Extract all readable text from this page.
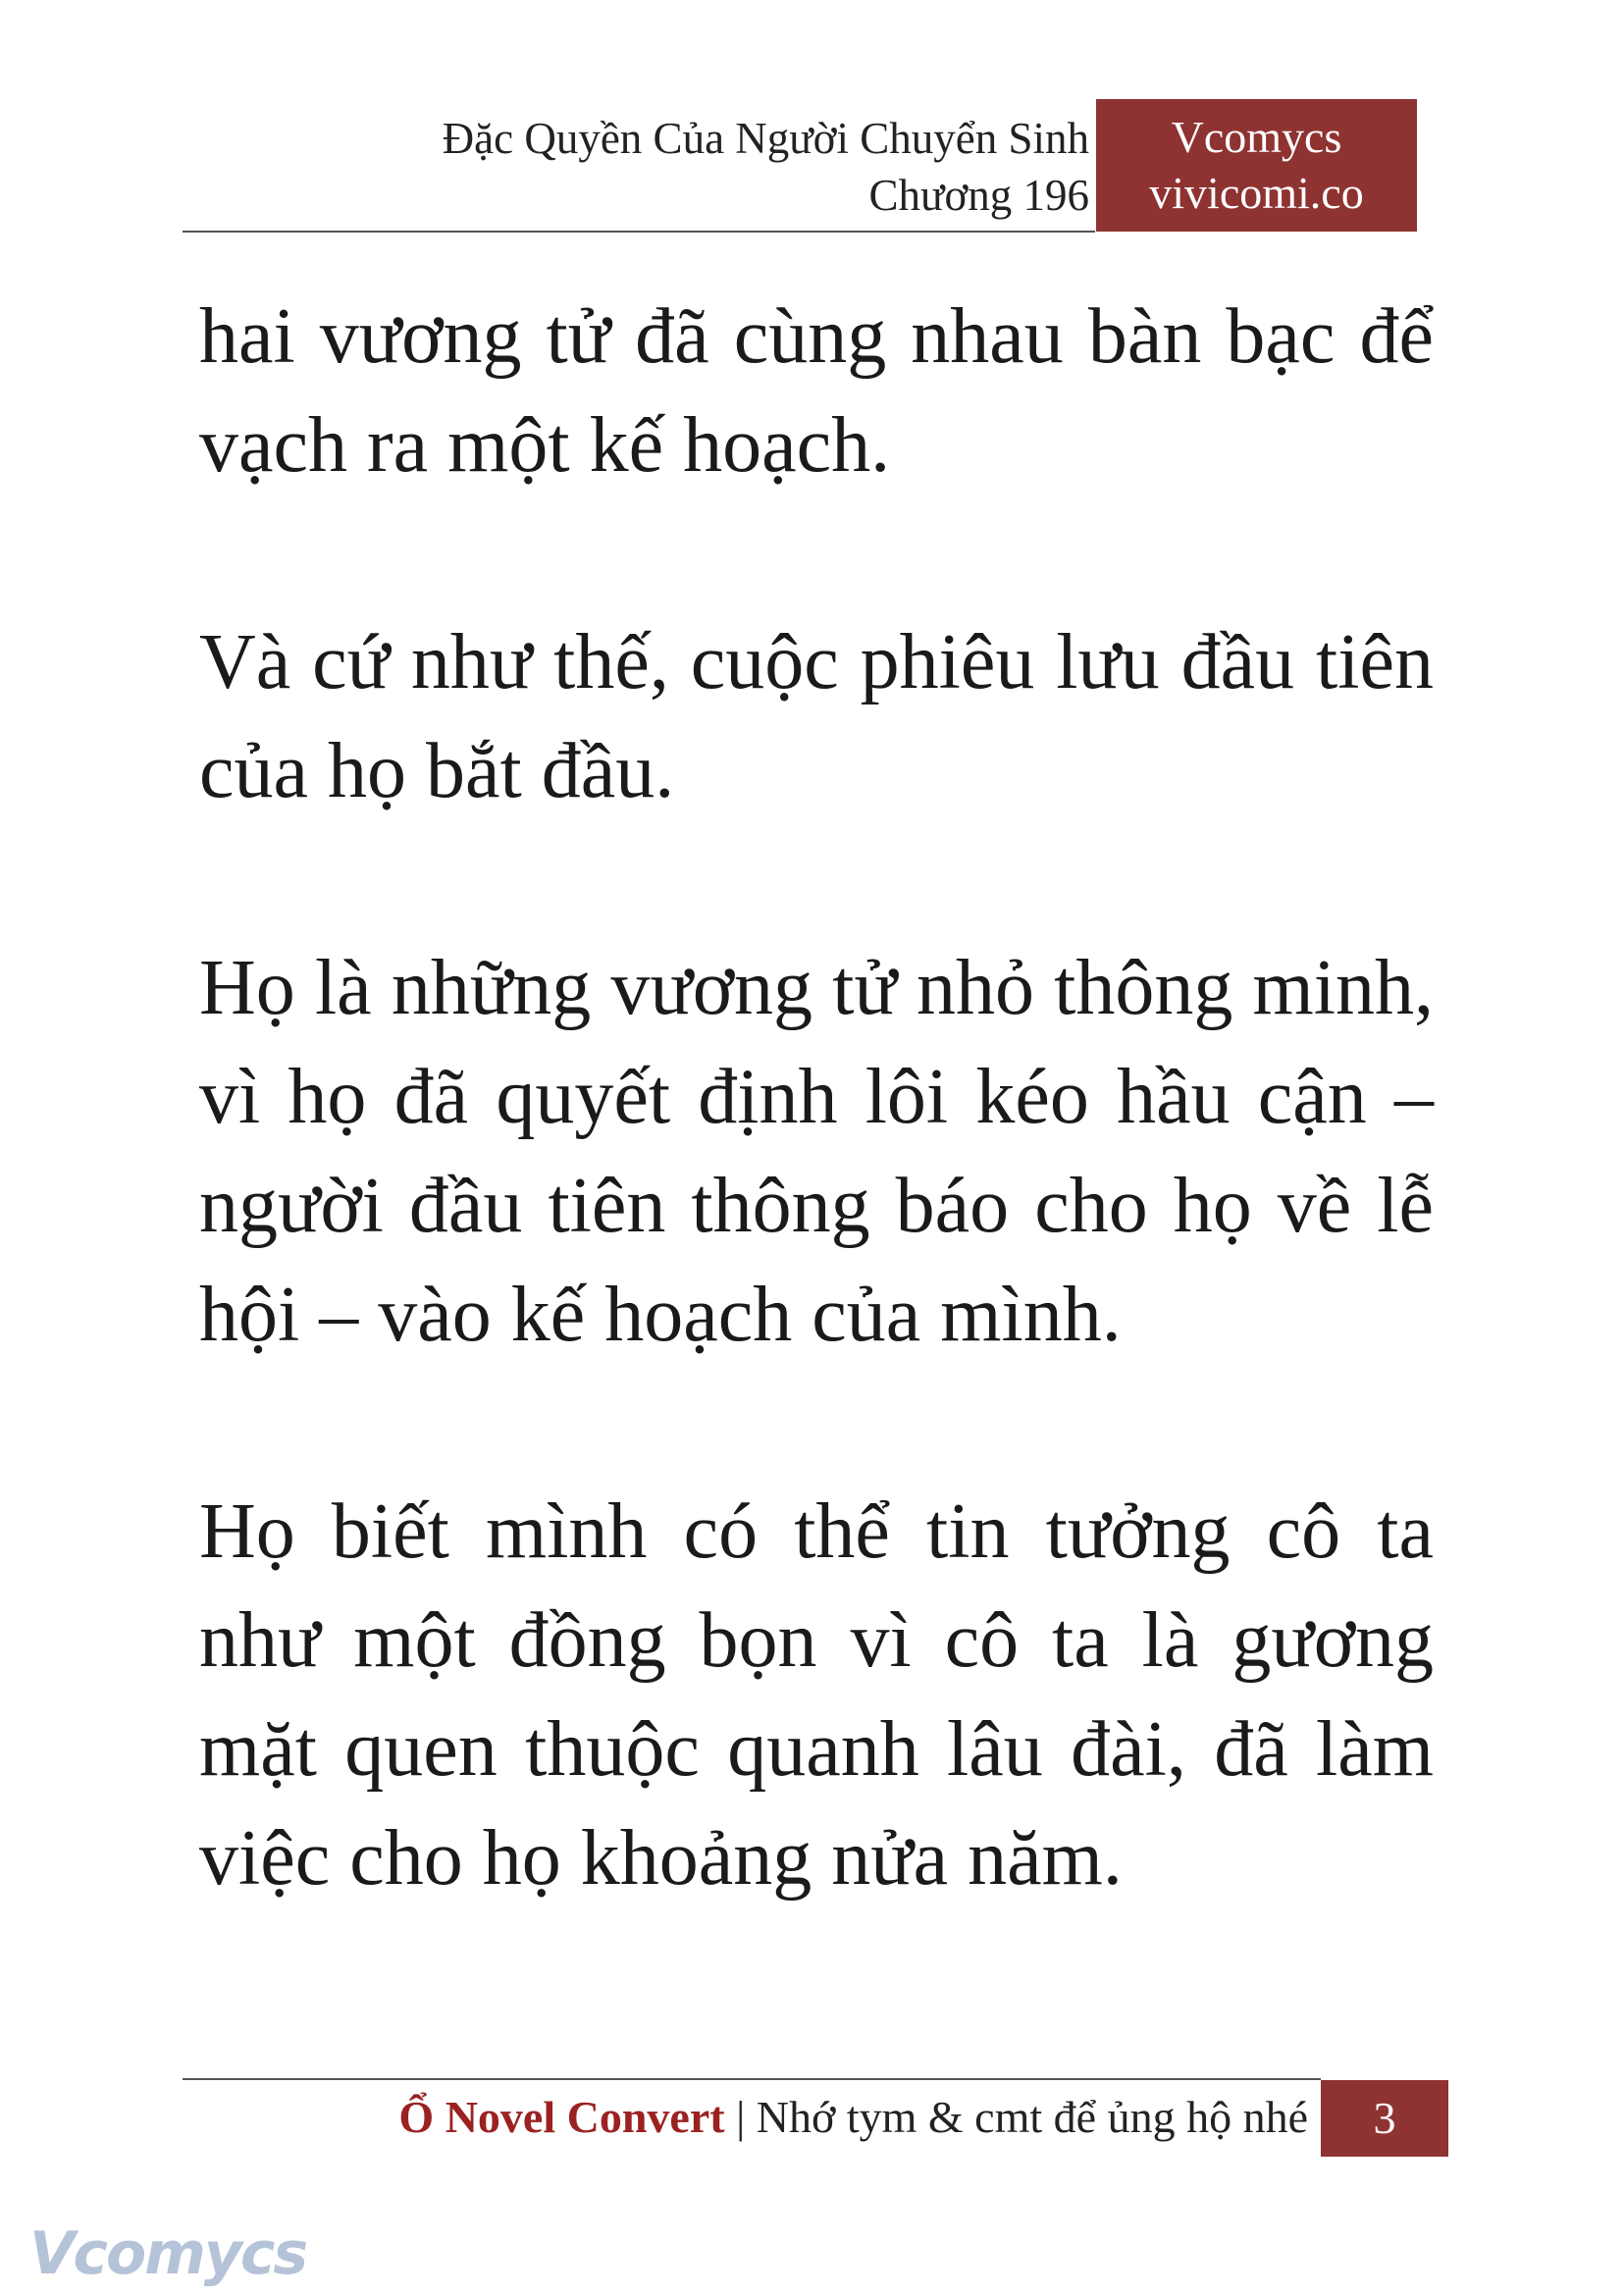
Đặc Quyền Của Người Chuyển Sinh
Chương 196
Vcomycs
vivicomi.co

hai vương tử đã cùng nhau bàn bạc để vạch ra một kế hoạch.

Và cứ như thế, cuộc phiêu lưu đầu tiên của họ bắt đầu.

Họ là những vương tử nhỏ thông minh, vì họ đã quyết định lôi kéo hầu cận – người đầu tiên thông báo cho họ về lễ hội – vào kế hoạch của mình.

Họ biết mình có thể tin tưởng cô ta như một đồng bọn vì cô ta là gương mặt quen thuộc quanh lâu đài, đã làm việc cho họ khoảng nửa năm.

Ổ Novel Convert | Nhớ tym & cmt để ủng hộ nhé	3
Vcomycs
